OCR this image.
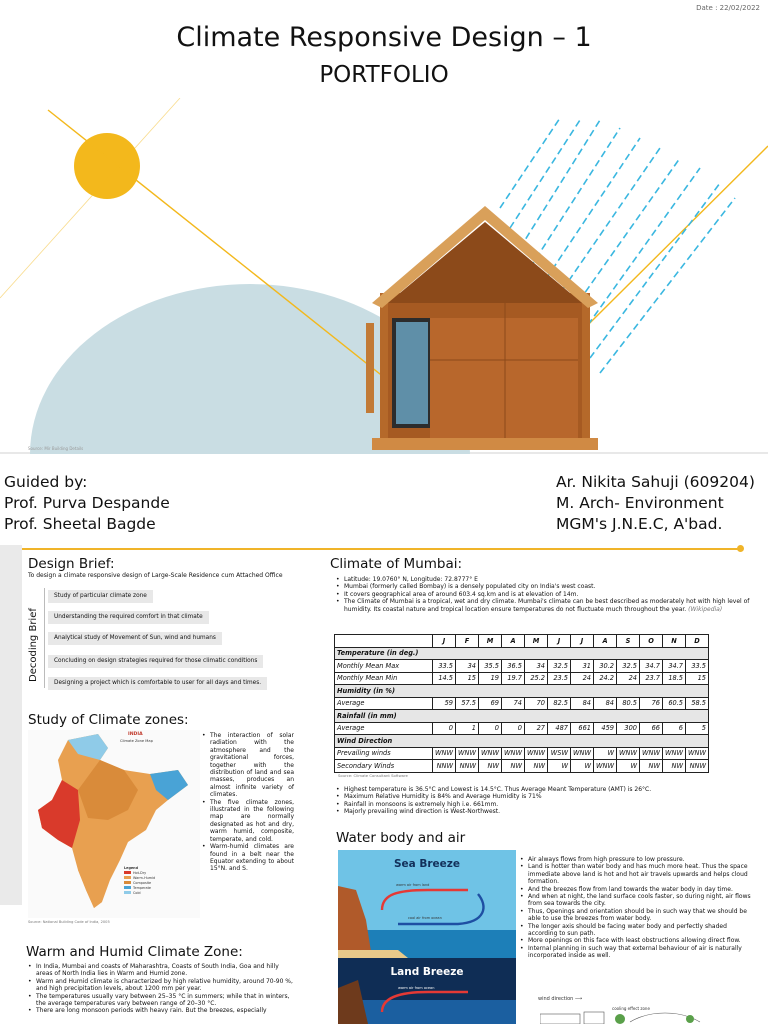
Date : 22/02/2022
Climate Responsive Design – 1
PORTFOLIO
Source: Mir Building Details
Guided by:
Prof. Purva Despande
Prof. Sheetal Bagde
Ar. Nikita Sahuji (609204)
M. Arch- Environment
MGM's J.N.E.C, A'bad.
Design Brief:
To design a climate responsive design of Large-Scale Residence cum Attached Office
Decoding Brief
Study of particular climate zone
Understanding the required comfort in that climate
Analytical study of Movement of Sun, wind and humans
Concluding on design strategies required for those climatic conditions
Designing a project which is comfortable to user for all days and times.
Study of Climate zones:
INDIA
Climate Zone Map
Legend
Hot-Dry
Warm-Humid
Composite
Temperate
Cold
Source: National Building Code of India, 2005
• The interaction of solar radiation with the atmosphere and the gravitational forces, together with the distribution of land and sea masses, produces an almost infinite variety of climates.
• The five climate zones, illustrated in the following map are normally designated as hot and dry, warm humid, composite, temperate, and cold.
• Warm-humid climates are found in a belt near the Equator extending to about 15°N. and S.
Warm and Humid Climate Zone:
• In India, Mumbai and coasts of Maharashtra, Coasts of South India, Goa and hilly areas of North India lies in Warm and Humid zone.
• Warm and Humid climate is characterized by high relative humidity, around 70-90 %, and high precipitation levels, about 1200 mm per year.
• The temperatures usually vary between 25–35 °C in summers; while that in winters, the average temperatures vary between range of 20–30 °C.
• There are long monsoon periods with heavy rain. But the breezes, especially
Climate of Mumbai:
• Latitude: 19.0760° N, Longitude: 72.8777° E
• Mumbai (formerly called Bombay) is a densely populated city on India's west coast.
• It covers geographical area of around 603.4 sq.km and is at elevation of 14m.
• The Climate of Mumbai is a tropical, wet and dry climate. Mumbai's climate can be best described as moderately hot with high level of humidity. Its coastal nature and tropical location ensure temperatures do not fluctuate much throughout the year. (Wikipedia)
	J	F	M	A	M	J	J	A	S	O	N	D
Temperature (in deg.)												
Monthly Mean Max	33.5	34	35.5	36.5	34	32.5	31	30.2	32.5	34.7	34.7	33.5
Monthly Mean Min	14.5	15	19	19.7	25.2	23.5	24	24.2	24	23.7	18.5	15
Humidity (in %)												
Average	59	57.5	69	74	70	82.5	84	84	80.5	76	60.5	58.5
Rainfall (in mm)												
Average	0	1	0	0	27	487	661	459	300	66	6	5
Wind Direction												
Prevailing winds	WNW	WNW	WNW	WNW	WNW	WSW	WNW	W	WNW	WNW	WNW	WNW
Secondary Winds	NNW	NNW	NW	NW	NW	W	W	WNW	W	NW	NW	NNW
Source: Climate Consultant Software
• Highest temperature is 36.5°C and Lowest is 14.5°C. Thus Average Meant Temperature (AMT) is 26°C.
• Maximum Relative Humidity is 84% and Average Humidity is 71%
• Rainfall in monsoons is extremely high i.e. 661mm.
• Majorly prevailing wind direction is West-Northwest.
Water body and air
Sea Breeze
warm air from land
cool air from ocean
Land Breeze
warm air from ocean
• Air always flows from high pressure to low pressure.
• Land is hotter than water body and has much more heat. Thus the space immediate above land is hot and hot air travels upwards and helps cloud formation.
• And the breezes flow from land towards the water body in day time.
• And when at night, the land surface cools faster, so during night, air flows from sea towards the city.
• Thus, Openings and orientation should be in such way that we should be able to use the breezes from water body.
• The longer axis should be facing water body and perfectly shaded according to sun path.
• More openings on this face with least obstructions allowing direct flow.
• Internal planning in such way that external behaviour of air is naturally incorporated inside as well.
wind direction ⟶
cooling effect zone
